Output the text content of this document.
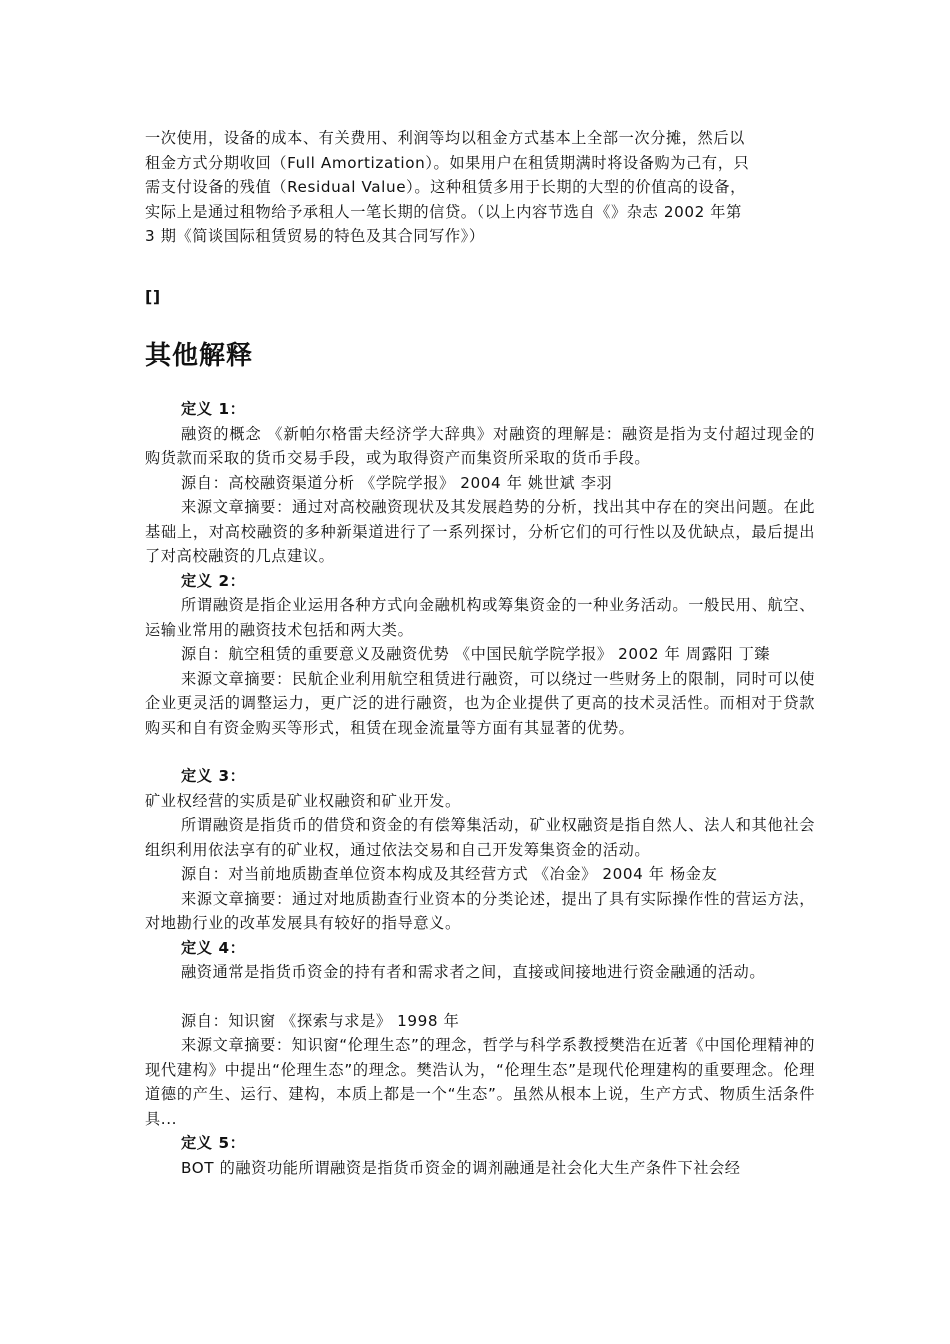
一次使用，设备的成本、有关费用、利润等均以租金方式基本上全部一次分摊，然后以

租金方式分期收回（Full Amortization）。如果用户在租赁期满时将设备购为己有，只

需支付设备的残值（Residual Value）。这种租赁多用于长期的大型的价值高的设备，

实际上是通过租物给予承租人一笔长期的信贷。（以上内容节选自《》杂志 2002 年第

3 期《简谈国际租赁贸易的特色及其合同写作》）

[]

其他解释

定义 1：

融资的概念 《新帕尔格雷夫经济学大辞典》对融资的理解是：融资是指为支付超过现金的购货款而采取的货币交易手段，或为取得资产而集资所采取的货币手段。

源自：高校融资渠道分析 《学院学报》 2004 年 姚世斌 李羽

来源文章摘要：通过对高校融资现状及其发展趋势的分析，找出其中存在的突出问题。在此基础上，对高校融资的多种新渠道进行了一系列探讨，分析它们的可行性以及优缺点，最后提出了对高校融资的几点建议。

定义 2：

所谓融资是指企业运用各种方式向金融机构或筹集资金的一种业务活动。一般民用、航空、运输业常用的融资技术包括和两大类。

源自：航空租赁的重要意义及融资优势 《中国民航学院学报》 2002 年 周露阳 丁臻

来源文章摘要：民航企业利用航空租赁进行融资，可以绕过一些财务上的限制，同时可以使企业更灵活的调整运力，更广泛的进行融资，也为企业提供了更高的技术灵活性。而相对于贷款购买和自有资金购买等形式，租赁在现金流量等方面有其显著的优势。

定义 3：

矿业权经营的实质是矿业权融资和矿业开发。

所谓融资是指货币的借贷和资金的有偿筹集活动，矿业权融资是指自然人、法人和其他社会组织利用依法享有的矿业权，通过依法交易和自己开发筹集资金的活动。

源自：对当前地质勘查单位资本构成及其经营方式 《冶金》 2004 年 杨金友

来源文章摘要：通过对地质勘查行业资本的分类论述，提出了具有实际操作性的营运方法，对地勘行业的改革发展具有较好的指导意义。

定义 4：

融资通常是指货币资金的持有者和需求者之间，直接或间接地进行资金融通的活动。

源自：知识窗 《探索与求是》 1998 年

来源文章摘要：知识窗“伦理生态”的理念，哲学与科学系教授樊浩在近著《中国伦理精神的现代建构》中提出“伦理生态”的理念。樊浩认为，“伦理生态”是现代伦理建构的重要理念。伦理道德的产生、运行、建构，本质上都是一个“生态”。虽然从根本上说，生产方式、物质生活条件具...

定义 5：

BOT 的融资功能所谓融资是指货币资金的调剂融通是社会化大生产条件下社会经
